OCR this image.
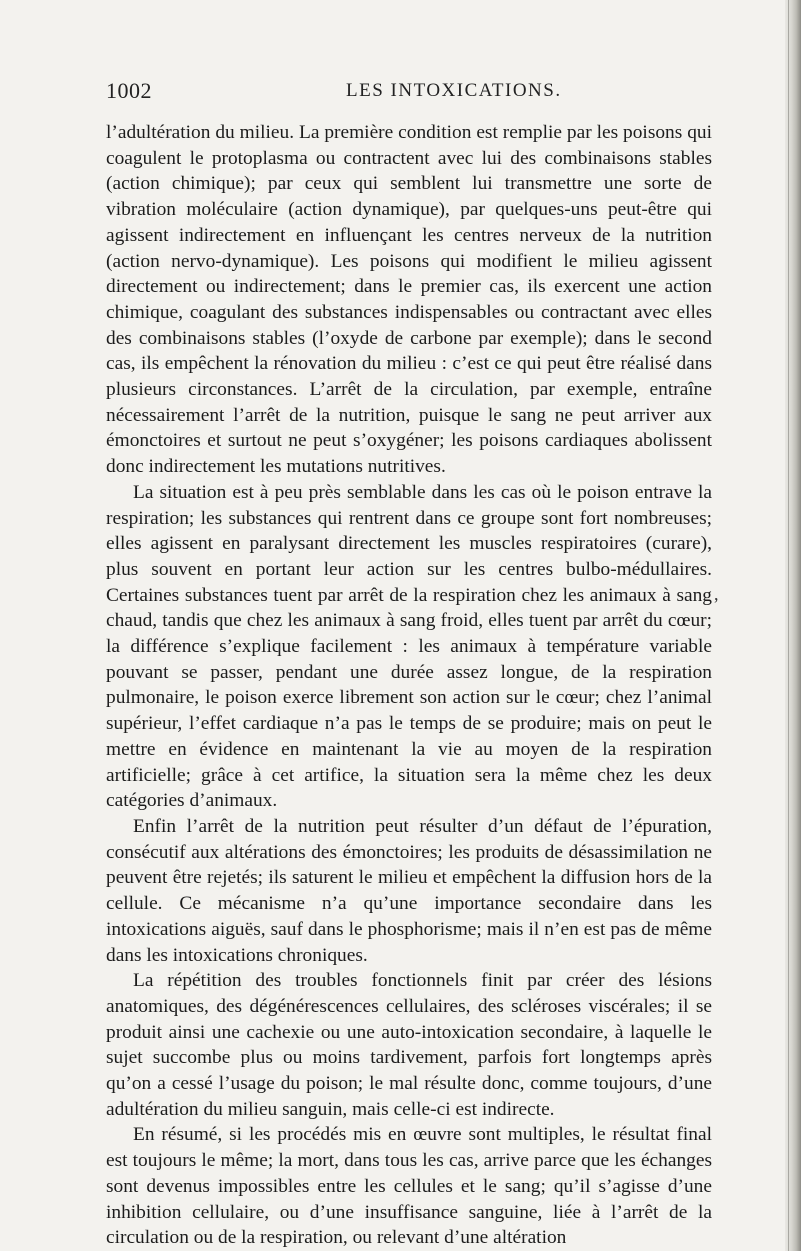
1002	LES INTOXICATIONS.

l’adultération du milieu. La première condition est remplie par les poisons qui coagulent le protoplasma ou contractent avec lui des combinaisons stables (action chimique); par ceux qui semblent lui transmettre une sorte de vibration moléculaire (action dynamique), par quelques-uns peut-être qui agissent indirectement en influençant les centres nerveux de la nutrition (action nervo-dynamique). Les poisons qui modifient le milieu agissent directement ou indirectement; dans le premier cas, ils exercent une action chimique, coagulant des substances indispensables ou contractant avec elles des combinaisons stables (l’oxyde de carbone par exemple); dans le second cas, ils empêchent la rénovation du milieu : c’est ce qui peut être réalisé dans plusieurs circonstances. L’arrêt de la circulation, par exemple, entraîne nécessairement l’arrêt de la nutrition, puisque le sang ne peut arriver aux émonctoires et surtout ne peut s’oxygéner; les poisons cardiaques abolissent donc indirectement les mutations nutritives.

La situation est à peu près semblable dans les cas où le poison entrave la respiration; les substances qui rentrent dans ce groupe sont fort nombreuses; elles agissent en paralysant directement les muscles respiratoires (curare), plus souvent en portant leur action sur les centres bulbo-médullaires. Certaines substances tuent par arrêt de la respiration chez les animaux à sang chaud, tandis que chez les animaux à sang froid, elles tuent par arrêt du cœur; la différence s’explique facilement : les animaux à température variable pouvant se passer, pendant une durée assez longue, de la respiration pulmonaire, le poison exerce librement son action sur le cœur; chez l’animal supérieur, l’effet cardiaque n’a pas le temps de se produire; mais on peut le mettre en évidence en maintenant la vie au moyen de la respiration artificielle; grâce à cet artifice, la situation sera la même chez les deux catégories d’animaux.

Enfin l’arrêt de la nutrition peut résulter d’un défaut de l’épuration, consécutif aux altérations des émonctoires; les produits de désassimilation ne peuvent être rejetés; ils saturent le milieu et empêchent la diffusion hors de la cellule. Ce mécanisme n’a qu’une importance secondaire dans les intoxications aiguës, sauf dans le phosphorisme; mais il n’en est pas de même dans les intoxications chroniques.

La répétition des troubles fonctionnels finit par créer des lésions anatomiques, des dégénérescences cellulaires, des scléroses viscérales; il se produit ainsi une cachexie ou une auto-intoxication secondaire, à laquelle le sujet succombe plus ou moins tardivement, parfois fort longtemps après qu’on a cessé l’usage du poison; le mal résulte donc, comme toujours, d’une adultération du milieu sanguin, mais celle-ci est indirecte.

En résumé, si les procédés mis en œuvre sont multiples, le résultat final est toujours le même; la mort, dans tous les cas, arrive parce que les échanges sont devenus impossibles entre les cellules et le sang; qu’il s’agisse d’une inhibition cellulaire, ou d’une insuffisance sanguine, liée à l’arrêt de la circulation ou de la respiration, ou relevant d’une altération

,
